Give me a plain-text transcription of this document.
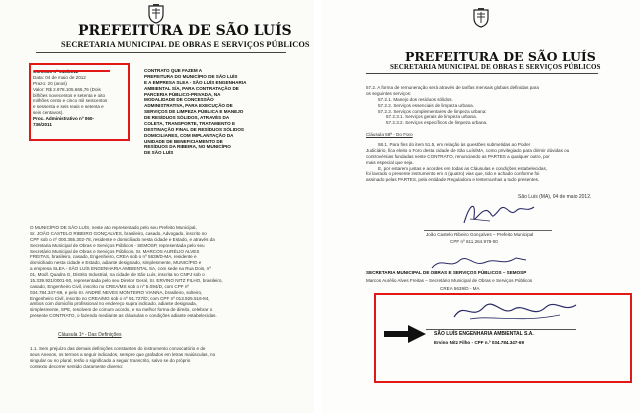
PREFEITURA DE SÃO LUÍS
SECRETARIA MUNICIPAL DE OBRAS E SERVIÇOS PÚBLICOS
Data: 04 de maio de 2012
Prazo: 20 (anos)
Valor: R$ 2.978.105.666,76 (Dois
bilhões novecentos e setenta e oito
milhões cento e cinco mil seiscentos
e sessenta e seis reais e setenta e
seis centavos).
Proc. Administrativo nº 060-
736/2011
CONTRATO QUE FAZEM A
PREFEITURA DO MUNICÍPIO DE SÃO LUÍS
E A EMPRESA SLEA - SÃO LUÍS ENGENHARIA
AMBIENTAL S/A, PARA CONTRATAÇÃO DE
PARCERIA PÚBLICO-PRIVADA, NA
MODALIDADE DE CONCESSÃO
ADMINISTRATIVA, PARA EXECUÇÃO DE
SERVIÇOS DE LIMPEZA PÚBLICA E MANEJO
DE RESÍDUOS SÓLIDOS, ATRAVÉS DA
COLETA, TRANSPORTE, TRATAMENTO E
DESTINAÇÃO FINAL DE RESÍDUOS SÓLIDOS
DOMICILIARES, COM IMPLANTAÇÃO DA
UNIDADE DE BENEFICIAMENTO DE
RESÍDUOS DA RIBEIRA, NO MUNICÍPIO
DE SÃO LUÍS
O MUNICÍPIO DE SÃO LUÍS, neste ato representado pelo seu Prefeito Municipal,
Sr. JOÃO CASTELO RIBEIRO GONÇALVES, brasileiro, casado, Advogado, inscrito no
CPF sob o nº 000.355.302-78, residente e domiciliado nesta cidade e Estado, e através da
Secretaria Municipal de Obras e Serviços Públicos - SEMOSP, representada pelo seu
Secretário Municipal de Obras e Serviços Públicos, Sr. MARCOS AURÉLIO ALVES
FREITAS, brasileiro, casado, Engenheiro, CREA sob o nº 5639/D-MA, residente e
domiciliado nesta cidade e Estado, adiante designado, simplesmente, MUNICÍPIO e
a empresa SLEA - SÃO LUÍS ENGENHARIA AMBIENTAL SA, com sede na Rua Dois, nº
01, Modl. Quadra G, Distrito Industrial, na cidade de São Luís, inscrita no CNPJ sob o
15.339.921/0001-50, representada pelo seu Diretor Geral, Sr. ERVINO NITZ FILHO, brasileiro,
casado, Engenheiro Civil, inscrito no CREA/MS sob o nº 5.094/D, com CPF nº
034.784.347-69, e pelo Sr. ANDRÉ NEVES MONTEIRO VIANNA, brasileiro, solteiro,
Engenheiro Civil, inscrito no CREA/MG sob o nº 91.727/D; com CPF nº 013.925.516-84,
ambos com domicílio profissional no endereço supra indicado, adiante designada,
simplesmente, SPE, resolvem de comum acordo, e na melhor forma de direito, celebrar o
presente CONTRATO, o fazendo mediante as cláusulas e condições adiante estabelecidas.
Cláusula 1ª - Das Definições
1.1. Sem prejuízo das demais definições constantes do instrumento convocatório e de
seus Anexos, os termos a seguir indicados, sempre que grafados em letras maiúsculas, no
singular ou no plural, terão o significado a seguir transcrito, salvo se do próprio
contexto decorrer sentido claramente diverso:
PREFEITURA DE SÃO LUÍS
SECRETARIA MUNICIPAL DE OBRAS E SERVIÇOS PÚBLICOS
57.2. A forma de remuneração será através de tarifas mensais globais definidas para
os seguintes serviços:
57.2.1. Manejo dos resíduos sólidos.
57.2.2. Serviços essenciais de limpeza urbana.
57.2.3. Serviços complementares de limpeza urbana:
57.2.3.1. Serviços gerais de limpeza urbana.
57.2.3.2. Serviços específicos de limpeza urbana.
Cláusula 58ª - Do Foro
58.1. Para fins do item 51.5, em relação às questões submetidas ao Poder
Judiciário, fica eleito o Foro desta cidade de São Luís/MA, como privilegiado para dirimir dúvidas ou
controvérsias fundadas neste CONTRATO, renunciando as PARTES a qualquer outro, por
mais especial que seja.
E, por estarem justas e acordes em todas as Cláusulas e condições estabelecidas,
foi lavrado o presente instrumento em 4 (quatro) vias que, tido e achado conforme foi
assinado pelas PARTES, pela entidade Reguladora e testemunhas a tudo presentes.
São Luís (MA), 04 de maio 2012.
João Castelo Ribeiro Gonçalves – Prefeito Municipal
CPF nº 611.264.978-00
SECRETARIA MUNICIPAL DE OBRAS E SERVIÇOS PÚBLICOS – SEMOSP
Marcos Aurélio Alves Freitas – Secretário Municipal de Obras e Serviços Públicos
CREA 5639/D - MA
SÃO LUÍS ENGENHARIA AMBIENTAL S.A.
Ervino Nitz Filho - CPF n.º 034.784.347-69
